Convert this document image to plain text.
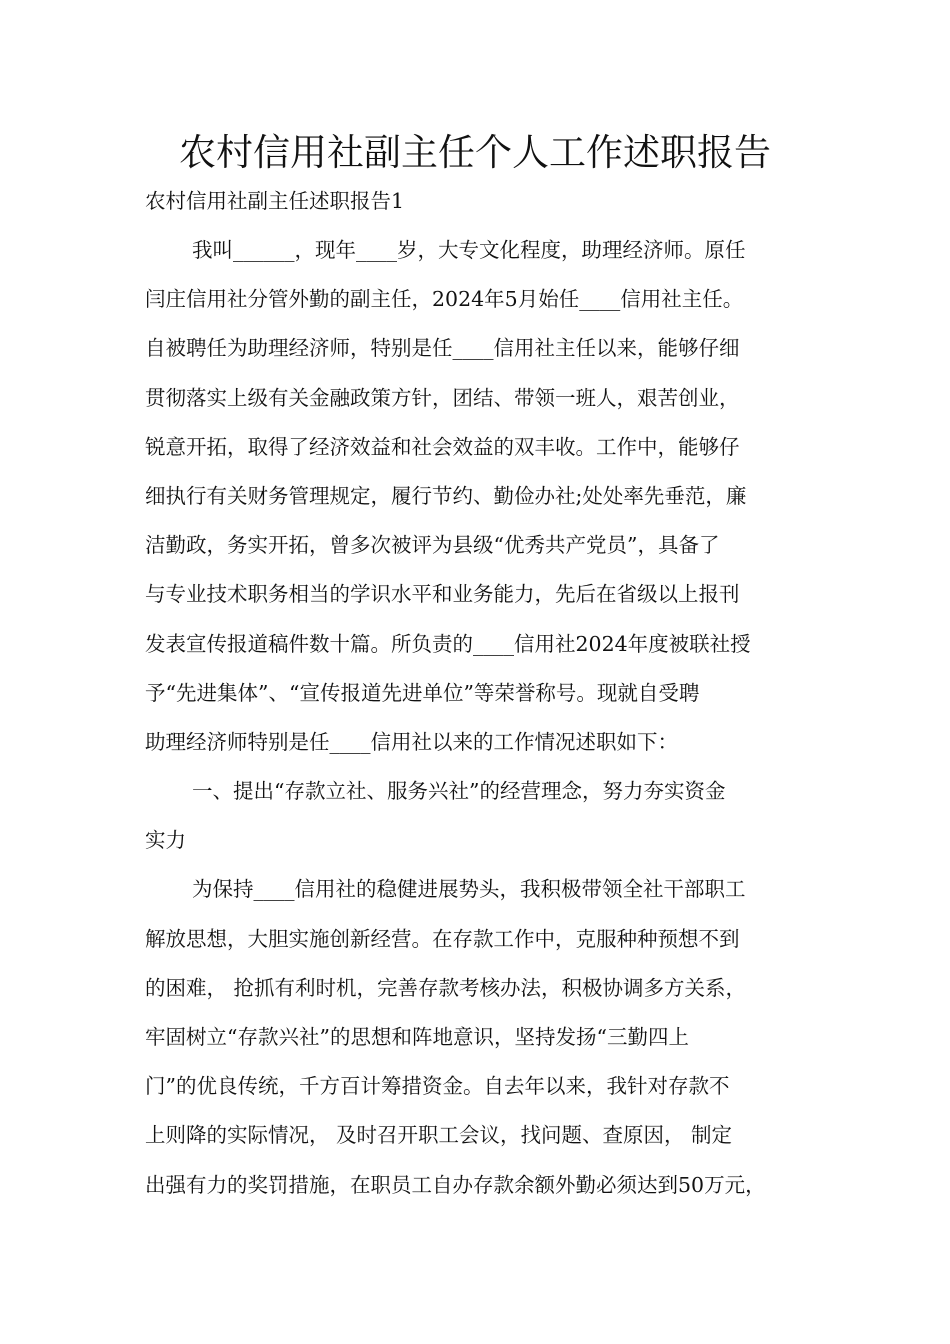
农村信用社副主任个人工作述职报告
农村信用社副主任述职报告1
我叫______，现年____岁，大专文化程度，助理经济师。原任
闫庄信用社分管外勤的副主任，2024年5月始任____信用社主任。
自被聘任为助理经济师，特别是任____信用社主任以来，能够仔细
贯彻落实上级有关金融政策方针，团结、带领一班人，艰苦创业，
锐意开拓，取得了经济效益和社会效益的双丰收。工作中，能够仔
细执行有关财务管理规定，履行节约、勤俭办社;处处率先垂范，廉
洁勤政，务实开拓，曾多次被评为县级“优秀共产党员”，具备了
与专业技术职务相当的学识水平和业务能力，先后在省级以上报刊
发表宣传报道稿件数十篇。所负责的____信用社2024年度被联社授
予“先进集体”、“宣传报道先进单位”等荣誉称号。现就自受聘
助理经济师特别是任____信用社以来的工作情况述职如下：
一、提出“存款立社、服务兴社”的经营理念，努力夯实资金
实力
为保持____信用社的稳健进展势头，我积极带领全社干部职工
解放思想，大胆实施创新经营。在存款工作中，克服种种预想不到
的困难， 抢抓有利时机，完善存款考核办法，积极协调多方关系，
牢固树立“存款兴社”的思想和阵地意识，坚持发扬“三勤四上
门”的优良传统，千方百计筹措资金。自去年以来，我针对存款不
上则降的实际情况， 及时召开职工会议，找问题、查原因， 制定
出强有力的奖罚措施，在职员工自办存款余额外勤必须达到50万元，
